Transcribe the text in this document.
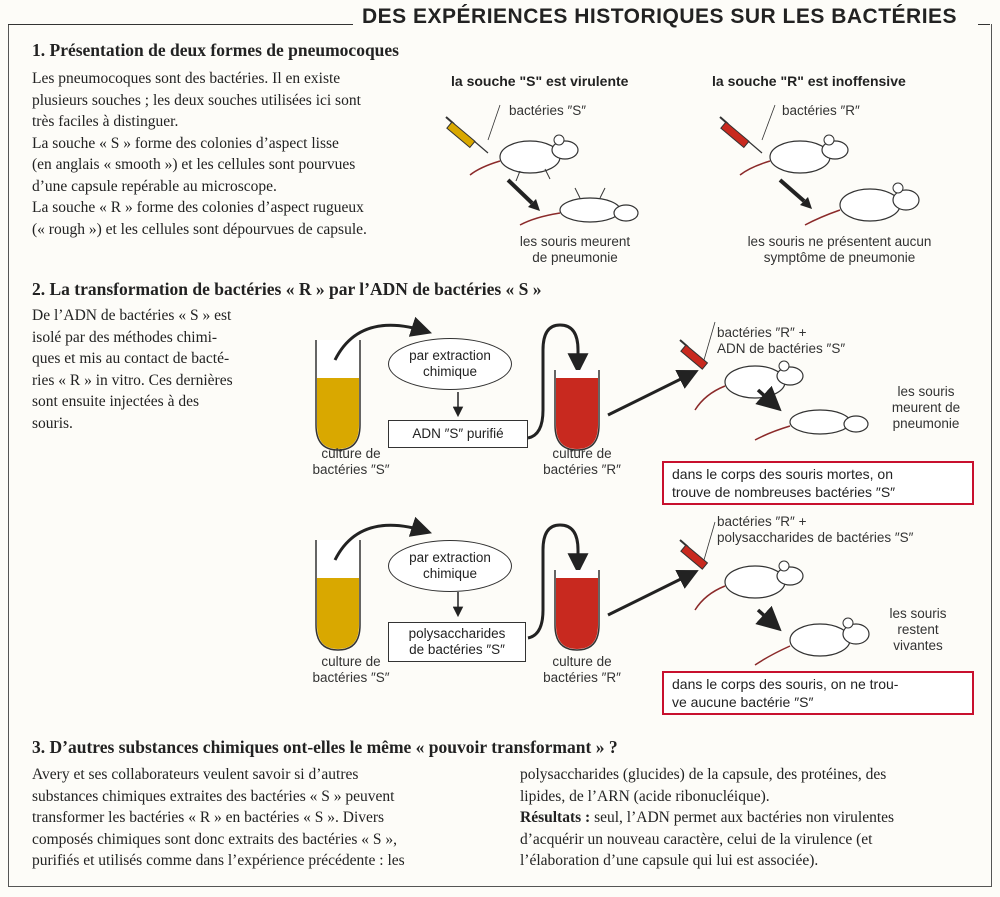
DES EXPÉRIENCES HISTORIQUES SUR LES BACTÉRIES
1. Présentation de deux formes de pneumocoques
Les pneumocoques sont des bactéries. Il en existe
plusieurs souches ; les deux souches utilisées ici sont
très faciles à distinguer.
La souche « S » forme des colonies d’aspect lisse
(en anglais « smooth ») et les cellules sont pourvues
d’une capsule repérable au microscope.
La souche « R » forme des colonies d’aspect rugueux
(« rough ») et les cellules sont dépourvues de capsule.
la souche "S" est virulente	la souche "R" est inoffensive
bactéries ″S″	bactéries ″R″
les souris meurent
de pneumonie
les souris ne présentent aucun
symptôme de pneumonie
2. La transformation de bactéries « R » par l’ADN de bactéries « S »
De l’ADN de bactéries « S » est
isolé par des méthodes chimi-
ques et mis au contact de bacté-
ries « R » in vitro. Ces dernières
sont ensuite injectées à des
souris.
par extraction
chimique
ADN ″S″ purifié
culture de
bactéries ″S″
culture de
bactéries ″R″
bactéries ″R″ +
ADN de bactéries ″S″
les souris
meurent de
pneumonie
dans le corps des souris mortes, on
trouve de nombreuses bactéries ″S″
par extraction
chimique
polysaccharides
de bactéries ″S″
culture de
bactéries ″S″
culture de
bactéries ″R″
bactéries ″R″ +
polysaccharides de bactéries ″S″
les souris
restent
vivantes
dans le corps des souris, on ne trou-
ve aucune bactérie ″S″
3. D’autres substances chimiques ont-elles le même « pouvoir transformant » ?
Avery et ses collaborateurs veulent savoir si d’autres
substances chimiques extraites des bactéries « S » peuvent
transformer les bactéries « R » en bactéries « S ». Divers
composés chimiques sont donc extraits des bactéries « S »,
purifiés et utilisés comme dans l’expérience précédente : les
polysaccharides (glucides) de la capsule, des protéines, des
lipides, de l’ARN (acide ribonucléique).
Résultats : seul, l’ADN permet aux bactéries non virulentes
d’acquérir un nouveau caractère, celui de la virulence (et
l’élaboration d’une capsule qui lui est associée).
